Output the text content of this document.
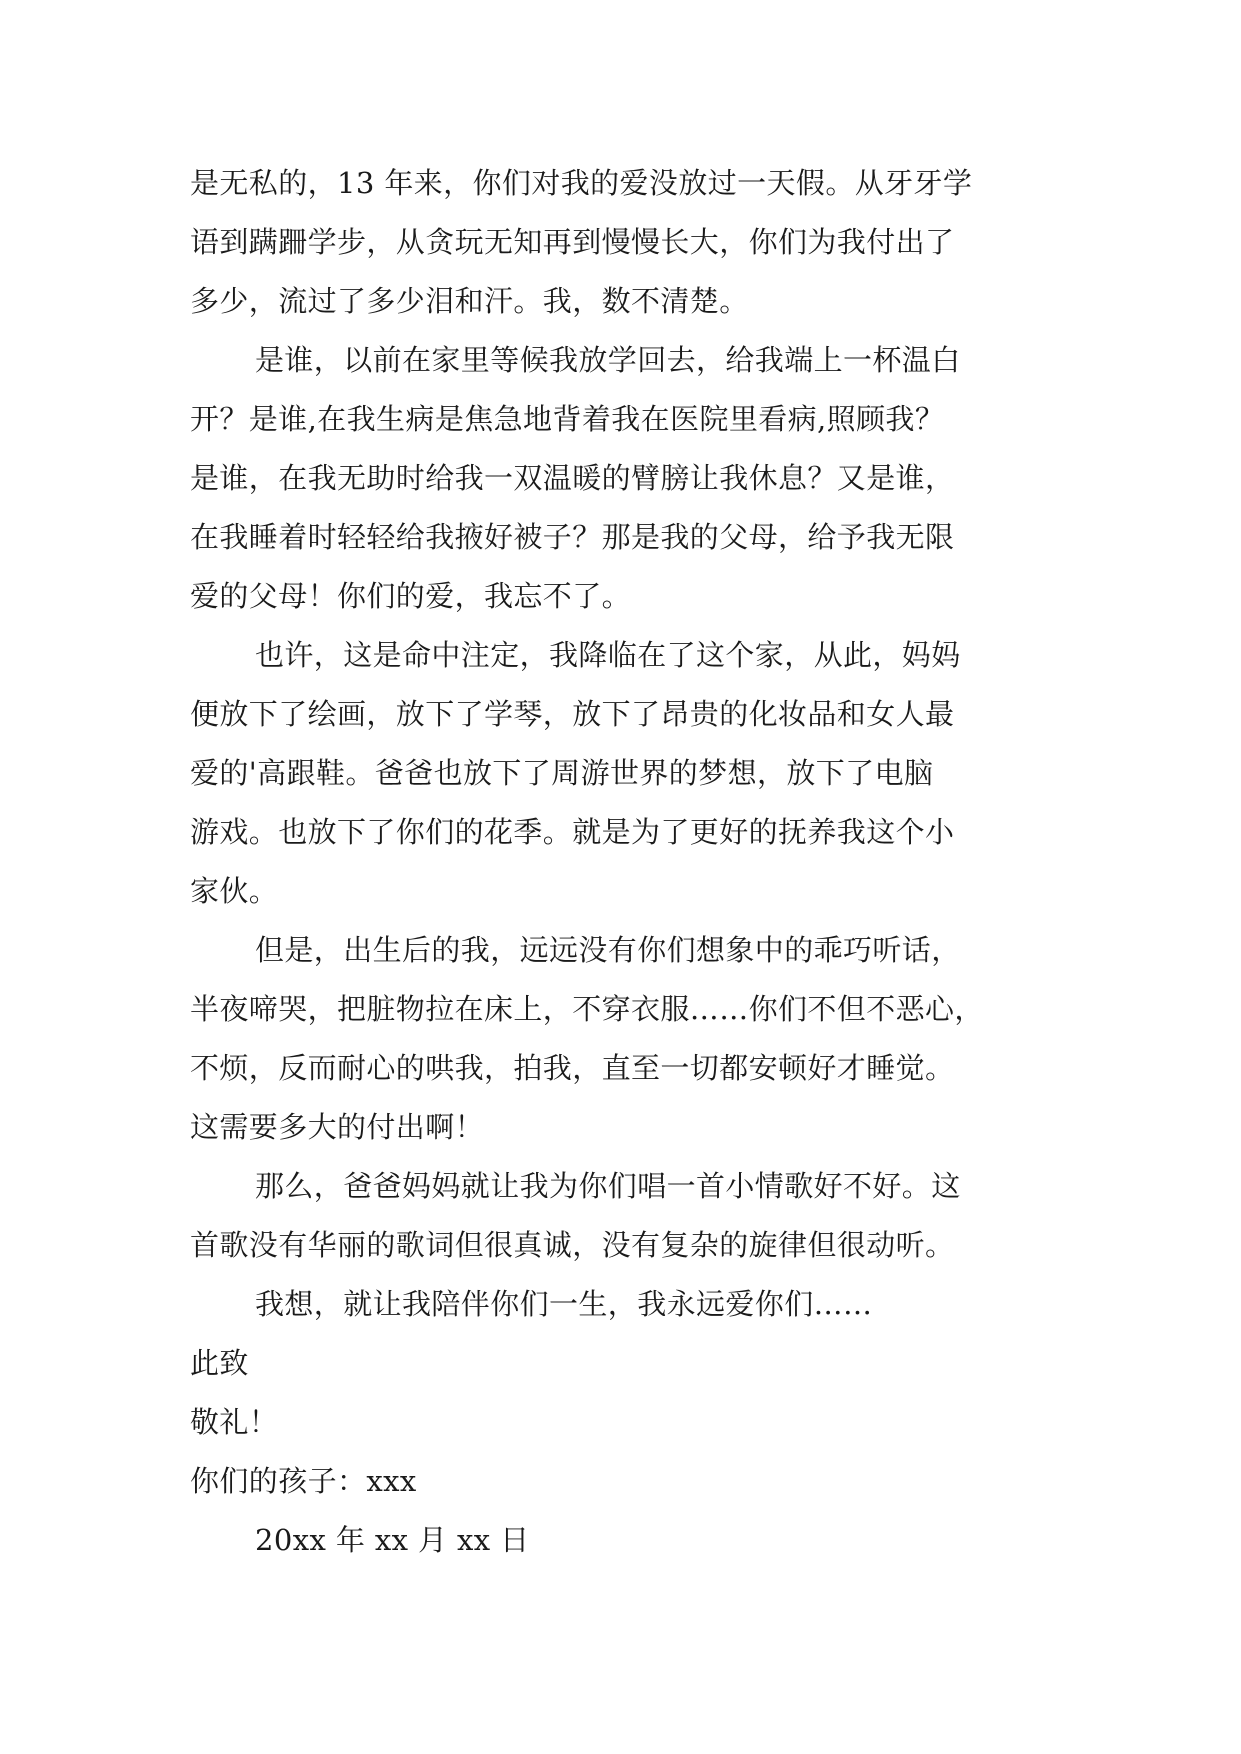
是无私的，13 年来，你们对我的爱没放过一天假。从牙牙学
语到蹒跚学步，从贪玩无知再到慢慢长大，你们为我付出了
多少，流过了多少泪和汗。我，数不清楚。
是谁，以前在家里等候我放学回去，给我端上一杯温白
开？是谁,在我生病是焦急地背着我在医院里看病,照顾我？
是谁，在我无助时给我一双温暖的臂膀让我休息？又是谁，
在我睡着时轻轻给我掖好被子？那是我的父母，给予我无限
爱的父母！你们的爱，我忘不了。
也许，这是命中注定，我降临在了这个家，从此，妈妈
便放下了绘画，放下了学琴，放下了昂贵的化妆品和女人最
爱的'高跟鞋。爸爸也放下了周游世界的梦想，放下了电脑
游戏。也放下了你们的花季。就是为了更好的抚养我这个小
家伙。
但是，出生后的我，远远没有你们想象中的乖巧听话，
半夜啼哭，把脏物拉在床上，不穿衣服……你们不但不恶心，
不烦，反而耐心的哄我，拍我，直至一切都安顿好才睡觉。
这需要多大的付出啊！
那么，爸爸妈妈就让我为你们唱一首小情歌好不好。这
首歌没有华丽的歌词但很真诚，没有复杂的旋律但很动听。
我想，就让我陪伴你们一生，我永远爱你们……
此致
敬礼！
你们的孩子：xxx
20xx 年 xx 月 xx 日
